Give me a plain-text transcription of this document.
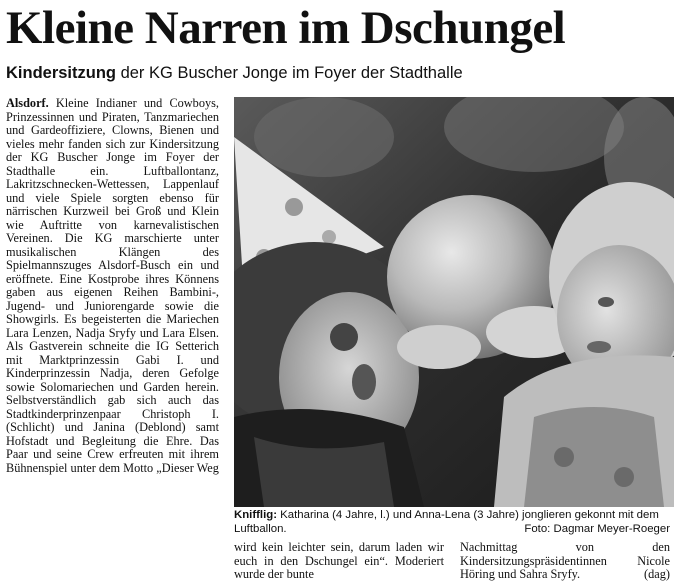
Kleine Narren im Dschungel

Kindersitzung der KG Buscher Jonge im Foyer der Stadthalle

Alsdorf. Kleine Indianer und Cowboys, Prinzessinnen und Piraten, Tanzmariechen und Gardeoffiziere, Clowns, Bienen und vieles mehr fanden sich zur Kindersitzung der KG Buscher Jonge im Foyer der Stadthalle ein. Luftballontanz, Lakritzschnecken-Wettessen, Lappenlauf und viele Spiele sorgten ebenso für närrischen Kurzweil bei Groß und Klein wie Auftritte von karnevalistischen Vereinen. Die KG marschierte unter musikalischen Klängen des Spielmannszuges Alsdorf-Busch ein und eröffnete. Eine Kostprobe ihres Könnens gaben aus eigenen Reihen Bambini-, Jugend- und Juniorengarde sowie die Showgirls. Es begeisterten die Mariechen Lara Lenzen, Nadja Sryfy und Lara Elsen. Als Gastverein schneite die IG Setterich mit Marktprinzessin Gabi I. und Kinderprinzessin Nadja, deren Gefolge sowie Solomariechen und Garden herein. Selbstverständlich gab sich auch das Stadtkinderprinzenpaar Christoph I. (Schlicht) und Janina (Deblond) samt Hofstadt und Begleitung die Ehre. Das Paar und seine Crew erfreuten mit ihrem Bühnenspiel unter dem Motto „Dieser Weg
Knifflig: Katharina (4 Jahre, l.) und Anna-Lena (3 Jahre) jonglieren gekonnt mit dem Luftballon.	Foto: Dagmar Meyer-Roeger
wird kein leichter sein, darum laden wir euch in den Dschungel ein“. Moderiert wurde der bunte
Nachmittag von den Kindersitzungspräsidentinnen Nicole Höring und Sahra Sryfy.	(dag)
